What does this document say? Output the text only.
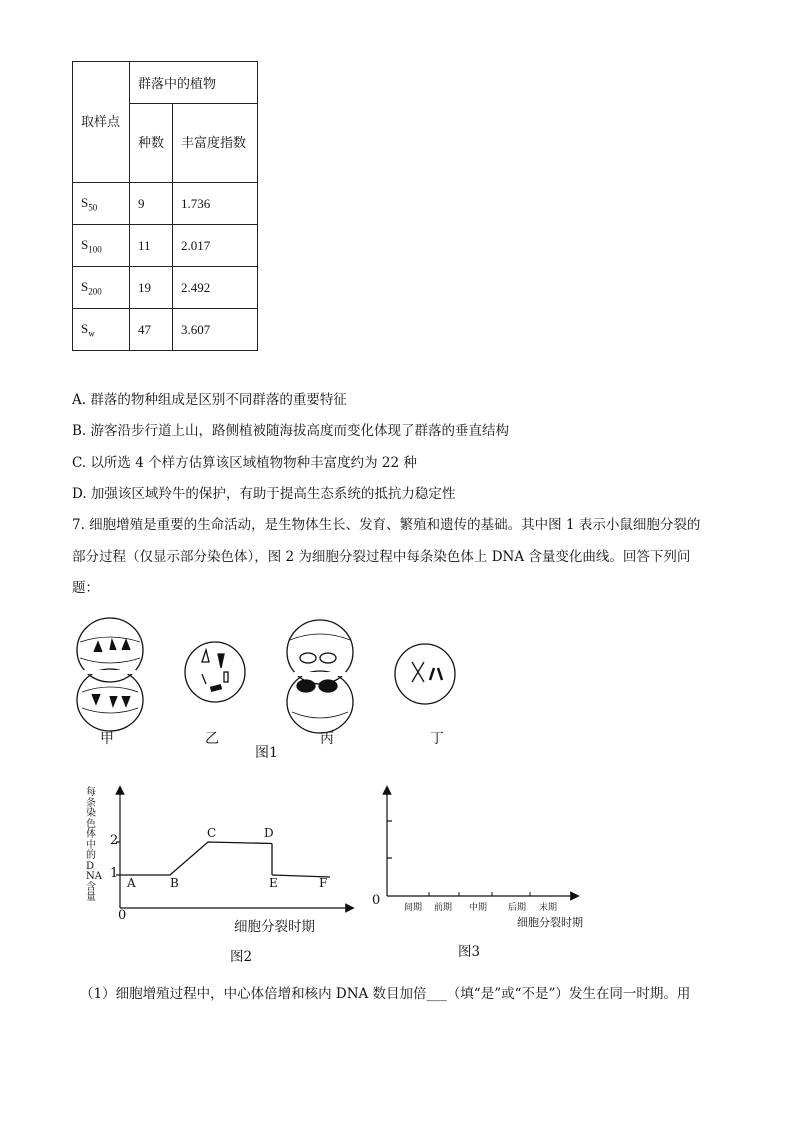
取样点	群落中的植物	
	种数	丰富度指数
$S_{50}$	9	1.736
$S_{100}$	11	2.017
$S_{200}$	19	2.492
$S_w$	47	3.607
A. 群落的物种组成是区别不同群落的重要特征
B. 游客沿步行道上山，路侧植被随海拔高度而变化体现了群落的垂直结构
C. 以所选 4 个样方估算该区域植物物种丰富度约为 22 种
D. 加强该区域羚牛的保护，有助于提高生态系统的抵抗力稳定性
7. 细胞增殖是重要的生命活动，是生物体生长、发育、繁殖和遗传的基础。其中图 1 表示小鼠细胞分裂的
部分过程（仅显示部分染色体），图 2 为细胞分裂过程中每条染色体上 DNA 含量变化曲线。回答下列问
题：
甲	乙	丙	丁
图1
每条染色体中的DNA含量
1
2
0
A	B
C	D
E	F
细胞分裂时期
图2
0	间期 前期 中期 后期 末期
细胞分裂时期
图3
（1）细胞增殖过程中，中心体倍增和核内 DNA 数目加倍___（填“是”或“不是”）发生在同一时期。用
